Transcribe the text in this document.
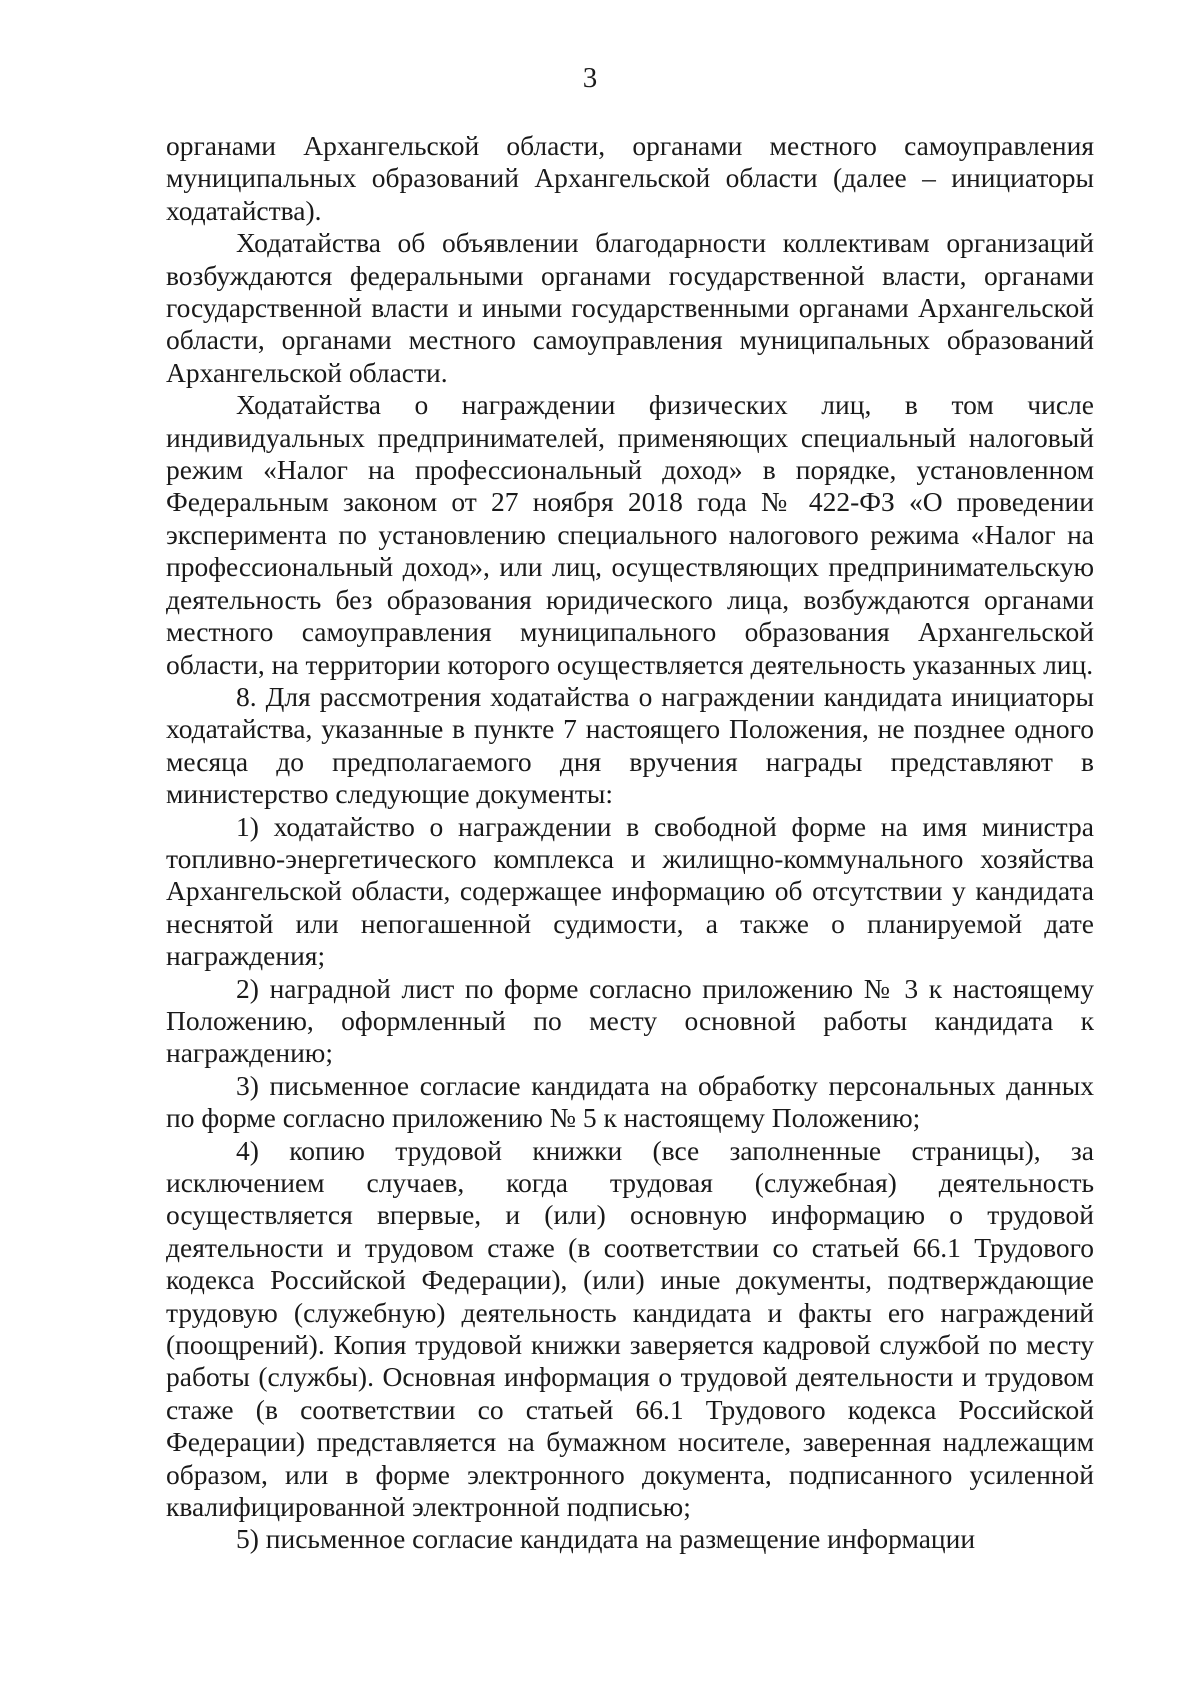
3

органами Архангельской области, органами местного самоуправления муниципальных образований Архангельской области (далее – инициаторы ходатайства).

Ходатайства об объявлении благодарности коллективам организаций возбуждаются федеральными органами государственной власти, органами государственной власти и иными государственными органами Архангельской области, органами местного самоуправления муниципальных образований Архангельской области.

Ходатайства о награждении физических лиц, в том числе индивидуальных предпринимателей, применяющих специальный налоговый режим «Налог на профессиональный доход» в порядке, установленном Федеральным законом от 27 ноября 2018 года № 422-ФЗ «О проведении эксперимента по установлению специального налогового режима «Налог на профессиональный доход», или лиц, осуществляющих предпринимательскую деятельность без образования юридического лица, возбуждаются органами местного самоуправления муниципального образования Архангельской области, на территории которого осуществляется деятельность указанных лиц.

8. Для рассмотрения ходатайства о награждении кандидата инициаторы ходатайства, указанные в пункте 7 настоящего Положения, не позднее одного месяца до предполагаемого дня вручения награды представляют в министерство следующие документы:

1) ходатайство о награждении в свободной форме на имя министра топливно-энергетического комплекса и жилищно-коммунального хозяйства Архангельской области, содержащее информацию об отсутствии у кандидата неснятой или непогашенной судимости, а также о планируемой дате награждения;

2) наградной лист по форме согласно приложению № 3 к настоящему Положению, оформленный по месту основной работы кандидата к награждению;

3) письменное согласие кандидата на обработку персональных данных по форме согласно приложению № 5 к настоящему Положению;

4) копию трудовой книжки (все заполненные страницы), за исключением случаев, когда трудовая (служебная) деятельность осуществляется впервые, и (или) основную информацию о трудовой деятельности и трудовом стаже (в соответствии со статьей 66.1 Трудового кодекса Российской Федерации), (или) иные документы, подтверждающие трудовую (служебную) деятельность кандидата и факты его награждений (поощрений). Копия трудовой книжки заверяется кадровой службой по месту работы (службы). Основная информация о трудовой деятельности и трудовом стаже (в соответствии со статьей 66.1 Трудового кодекса Российской Федерации) представляется на бумажном носителе, заверенная надлежащим образом, или в форме электронного документа, подписанного усиленной квалифицированной электронной подписью;

5) письменное согласие кандидата на размещение информации
